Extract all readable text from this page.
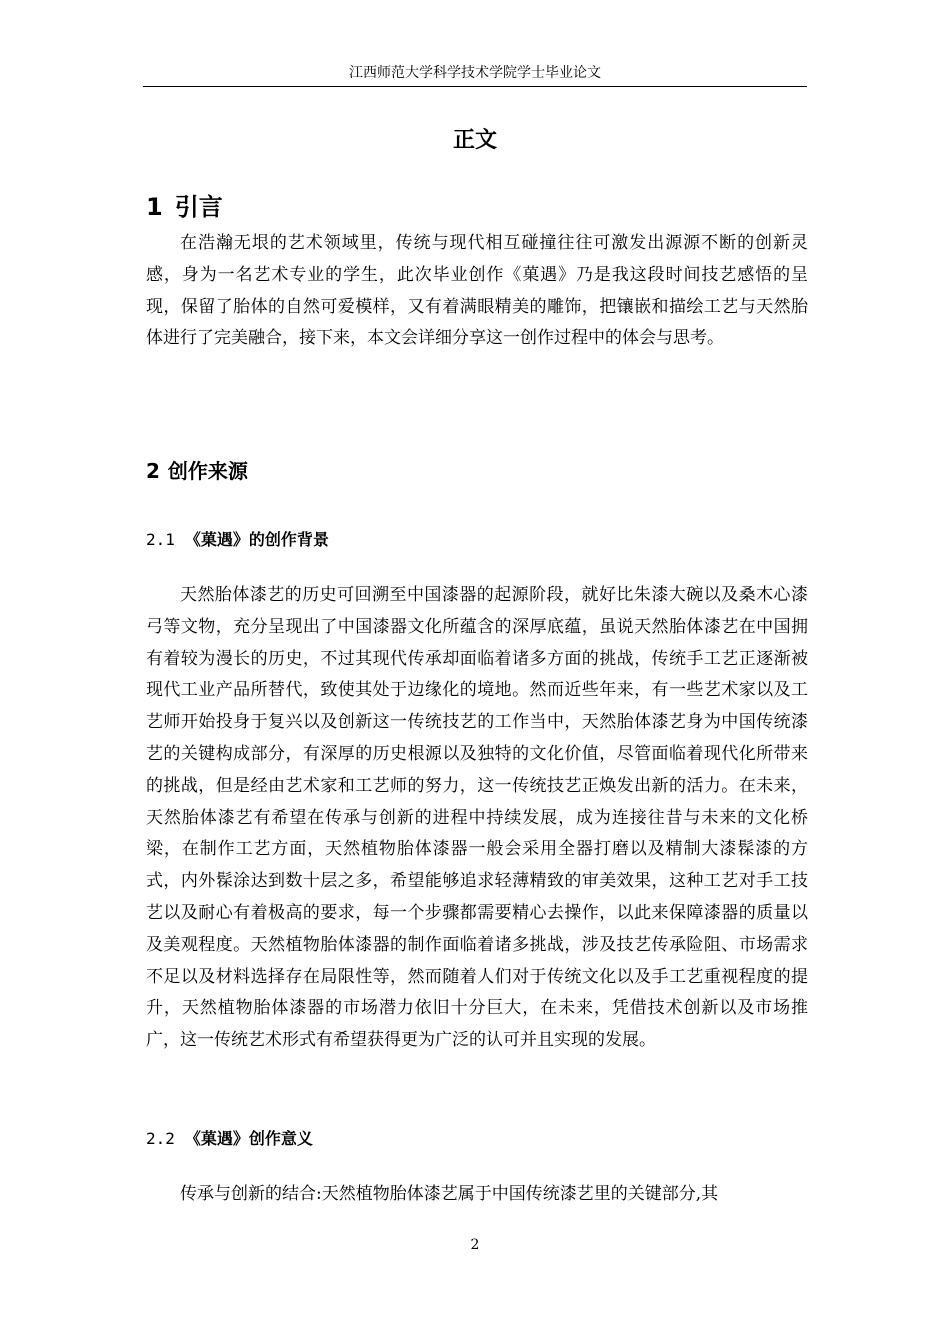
江西师范大学科学技术学院学士毕业论文
正文
1 引言

在浩瀚无垠的艺术领域里，传统与现代相互碰撞往往可激发出源源不断的创新灵感，身为一名艺术专业的学生，此次毕业创作《菓遇》乃是我这段时间技艺感悟的呈现，保留了胎体的自然可爱模样，又有着满眼精美的雕饰，把镶嵌和描绘工艺与天然胎体进行了完美融合，接下来，本文会详细分享这一创作过程中的体会与思考。

2 创作来源
2.1 《菓遇》的创作背景

天然胎体漆艺的历史可回溯至中国漆器的起源阶段，就好比朱漆大碗以及桑木心漆弓等文物，充分呈现出了中国漆器文化所蕴含的深厚底蕴，虽说天然胎体漆艺在中国拥有着较为漫长的历史，不过其现代传承却面临着诸多方面的挑战，传统手工艺正逐渐被现代工业产品所替代，致使其处于边缘化的境地。然而近些年来，有一些艺术家以及工艺师开始投身于复兴以及创新这一传统技艺的工作当中，天然胎体漆艺身为中国传统漆艺的关键构成部分，有深厚的历史根源以及独特的文化价值，尽管面临着现代化所带来的挑战，但是经由艺术家和工艺师的努力，这一传统技艺正焕发出新的活力。在未来，天然胎体漆艺有希望在传承与创新的进程中持续发展，成为连接往昔与未来的文化桥梁，在制作工艺方面，天然植物胎体漆器一般会采用全器打磨以及精制大漆髹漆的方式，内外髹涂达到数十层之多，希望能够追求轻薄精致的审美效果，这种工艺对手工技艺以及耐心有着极高的要求，每一个步骤都需要精心去操作，以此来保障漆器的质量以及美观程度。天然植物胎体漆器的制作面临着诸多挑战，涉及技艺传承险阻、市场需求不足以及材料选择存在局限性等，然而随着人们对于传统文化以及手工艺重视程度的提升，天然植物胎体漆器的市场潜力依旧十分巨大，在未来，凭借技术创新以及市场推广，这一传统艺术形式有希望获得更为广泛的认可并且实现的发展。

2.2 《菓遇》创作意义

传承与创新的结合:天然植物胎体漆艺属于中国传统漆艺里的关键部分,其

2
